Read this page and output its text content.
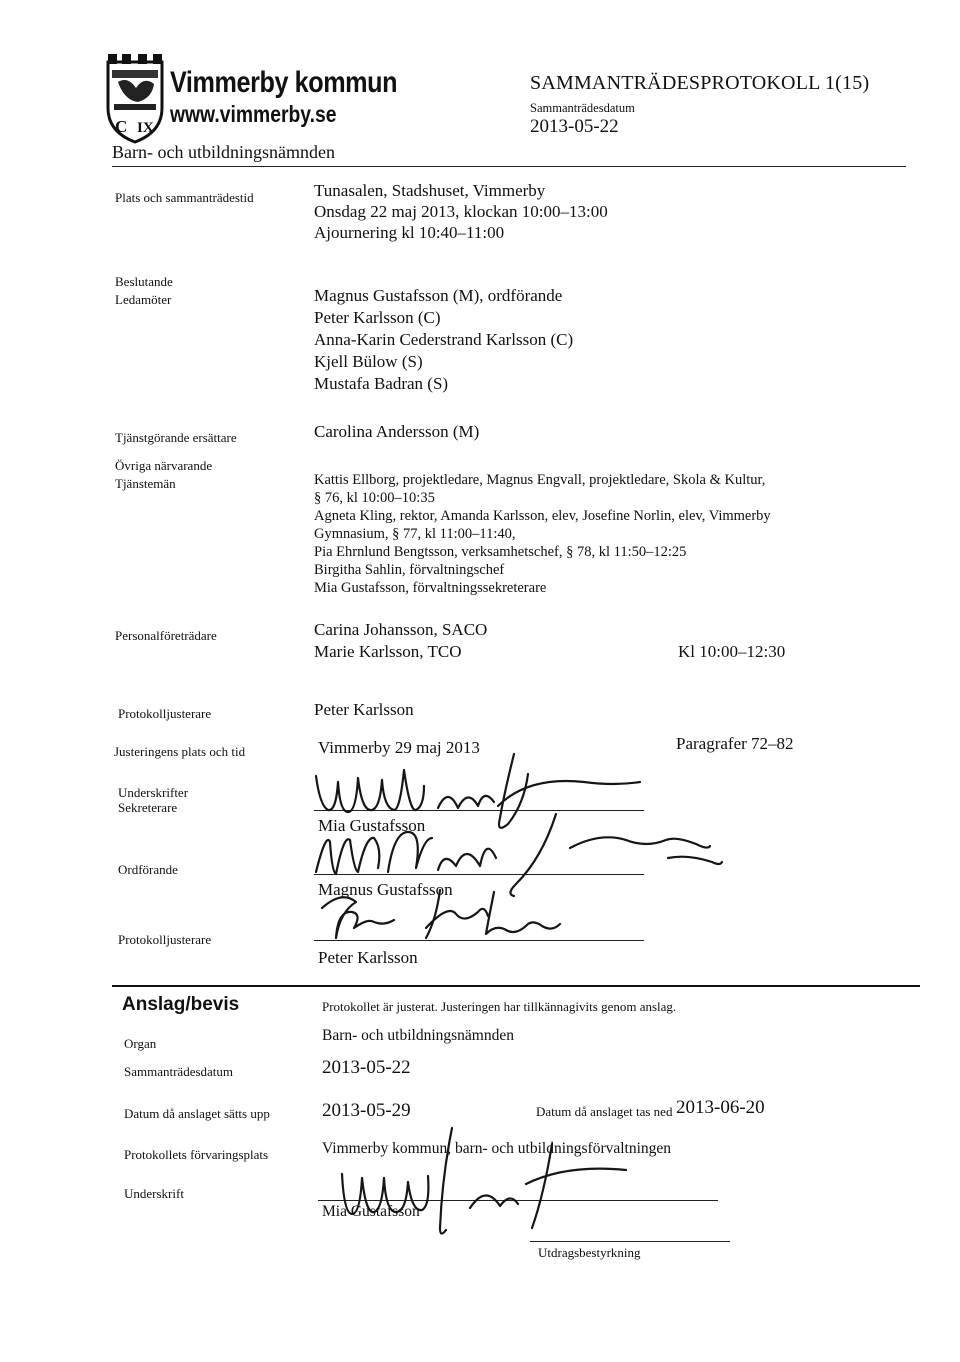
C IX
Vimmerby kommun
www.vimmerby.se
Barn- och utbildningsnämnden
SAMMANTRÄDESPROTOKOLL 1(15)
Sammanträdesdatum
2013-05-22
Plats och sammanträdestid	Tunasalen, Stadshuset, Vimmerby
Onsdag 22 maj 2013, klockan 10:00–13:00
Ajournering kl 10:40–11:00
Beslutande
Ledamöter	Magnus Gustafsson (M), ordförande
Peter Karlsson (C)
Anna-Karin Cederstrand Karlsson (C)
Kjell Bülow (S)
Mustafa Badran (S)
Tjänstgörande ersättare	Carolina Andersson (M)
Övriga närvarande
Tjänstemän	Kattis Ellborg, projektledare, Magnus Engvall, projektledare, Skola & Kultur,
§ 76, kl 10:00–10:35
Agneta Kling, rektor, Amanda Karlsson, elev, Josefine Norlin, elev, Vimmerby
Gymnasium, § 77, kl 11:00–11:40,
Pia Ehrnlund Bengtsson, verksamhetschef, § 78, kl 11:50–12:25
Birgitha Sahlin, förvaltningschef
Mia Gustafsson, förvaltningssekreterare
Personalföreträdare	Carina Johansson, SACO
Marie Karlsson, TCO	Kl 10:00–12:30
Protokolljusterare	Peter Karlsson
Justeringens plats och tid	Vimmerby 29 maj 2013	Paragrafer 72–82
Underskrifter
Sekreterare
Mia Gustafsson
Ordförande
Magnus Gustafsson
Protokolljusterare
Peter Karlsson
Anslag/bevis	Protokollet är justerat. Justeringen har tillkännagivits genom anslag.
Organ	Barn- och utbildningsnämnden
Sammanträdesdatum	2013-05-22
Datum då anslaget sätts upp	2013-05-29	Datum då anslaget tas ned 2013-06-20
Protokollets förvaringsplats	Vimmerby kommun, barn- och utbildningsförvaltningen
Underskrift
Mia Gustafsson
Utdragsbestyrkning
